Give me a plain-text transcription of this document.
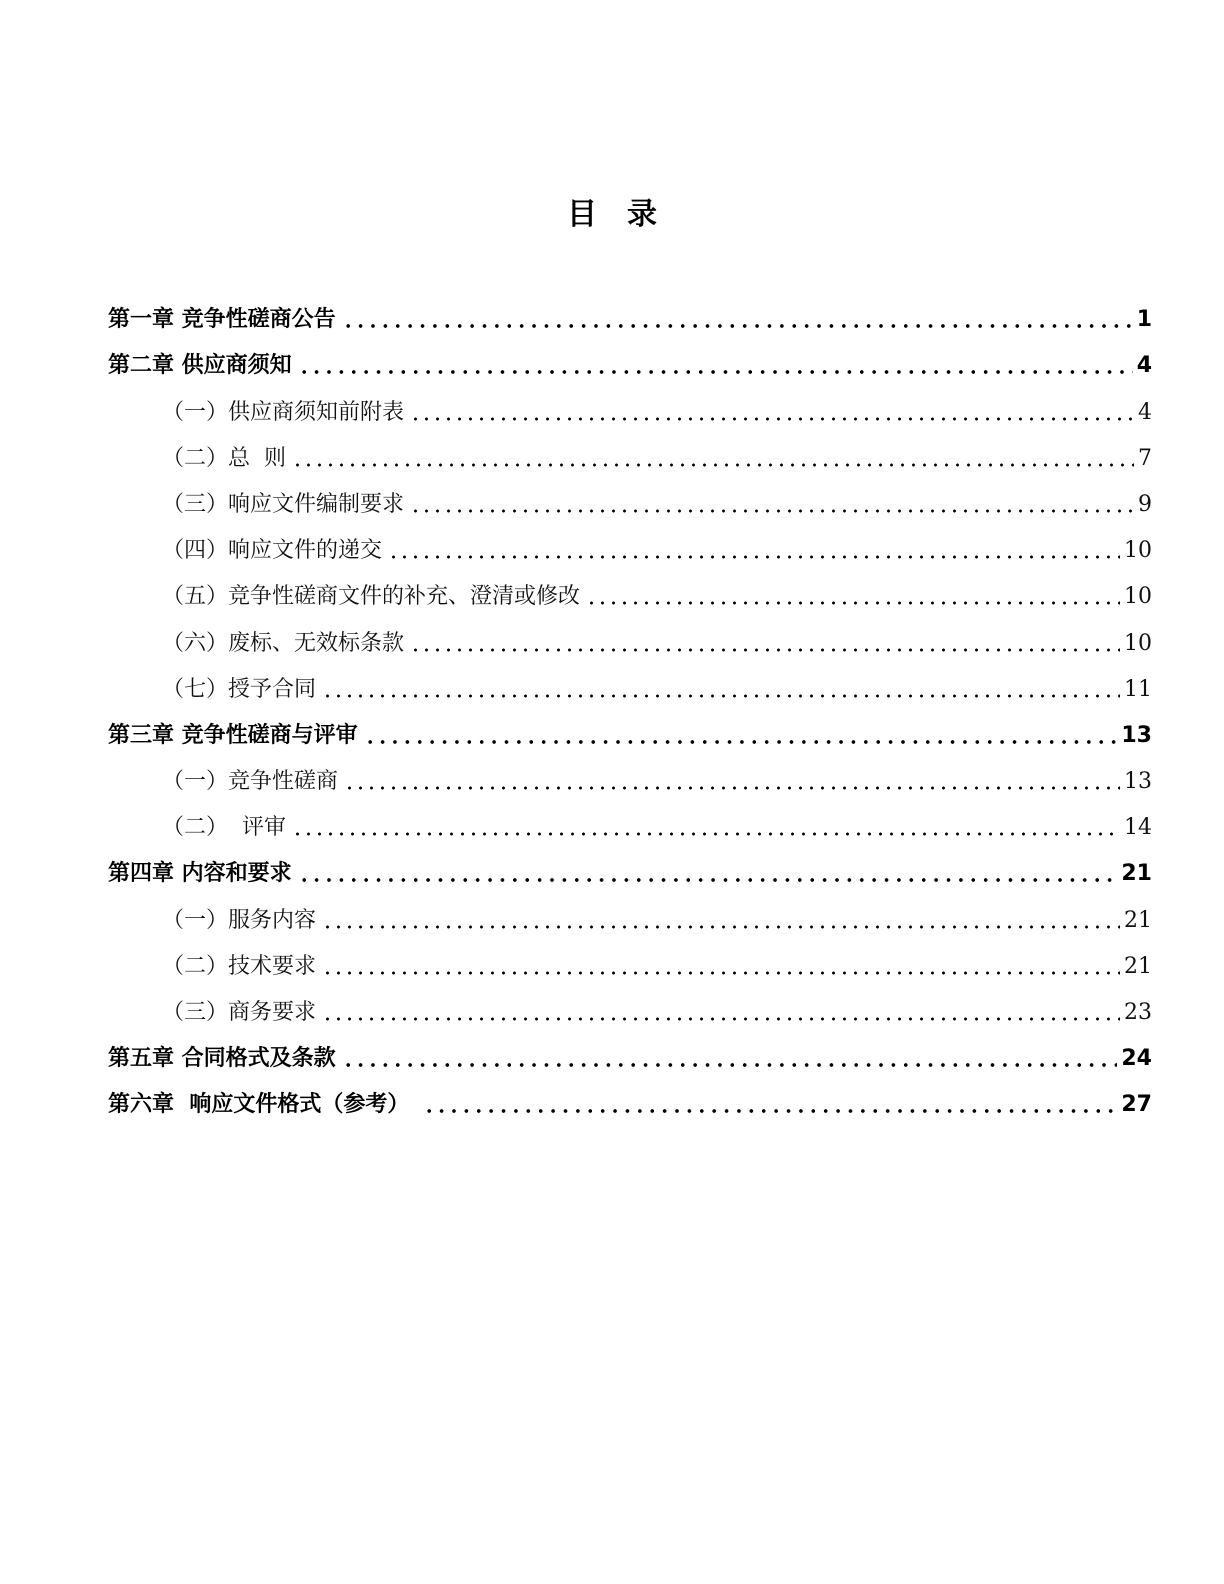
目　录
第一章 竞争性磋商公告	1
第二章 供应商须知	4
（一）供应商须知前附表	4
（二）总  则	7
（三）响应文件编制要求	9
（四）响应文件的递交	10
（五）竞争性磋商文件的补充、澄清或修改	10
（六）废标、无效标条款	10
（七）授予合同	11
第三章 竞争性磋商与评审	13
（一）竞争性磋商	13
（二）  评审	14
第四章 内容和要求	21
（一）服务内容	21
（二）技术要求	21
（三）商务要求	23
第五章 合同格式及条款	24
第六章  响应文件格式（参考）	27
